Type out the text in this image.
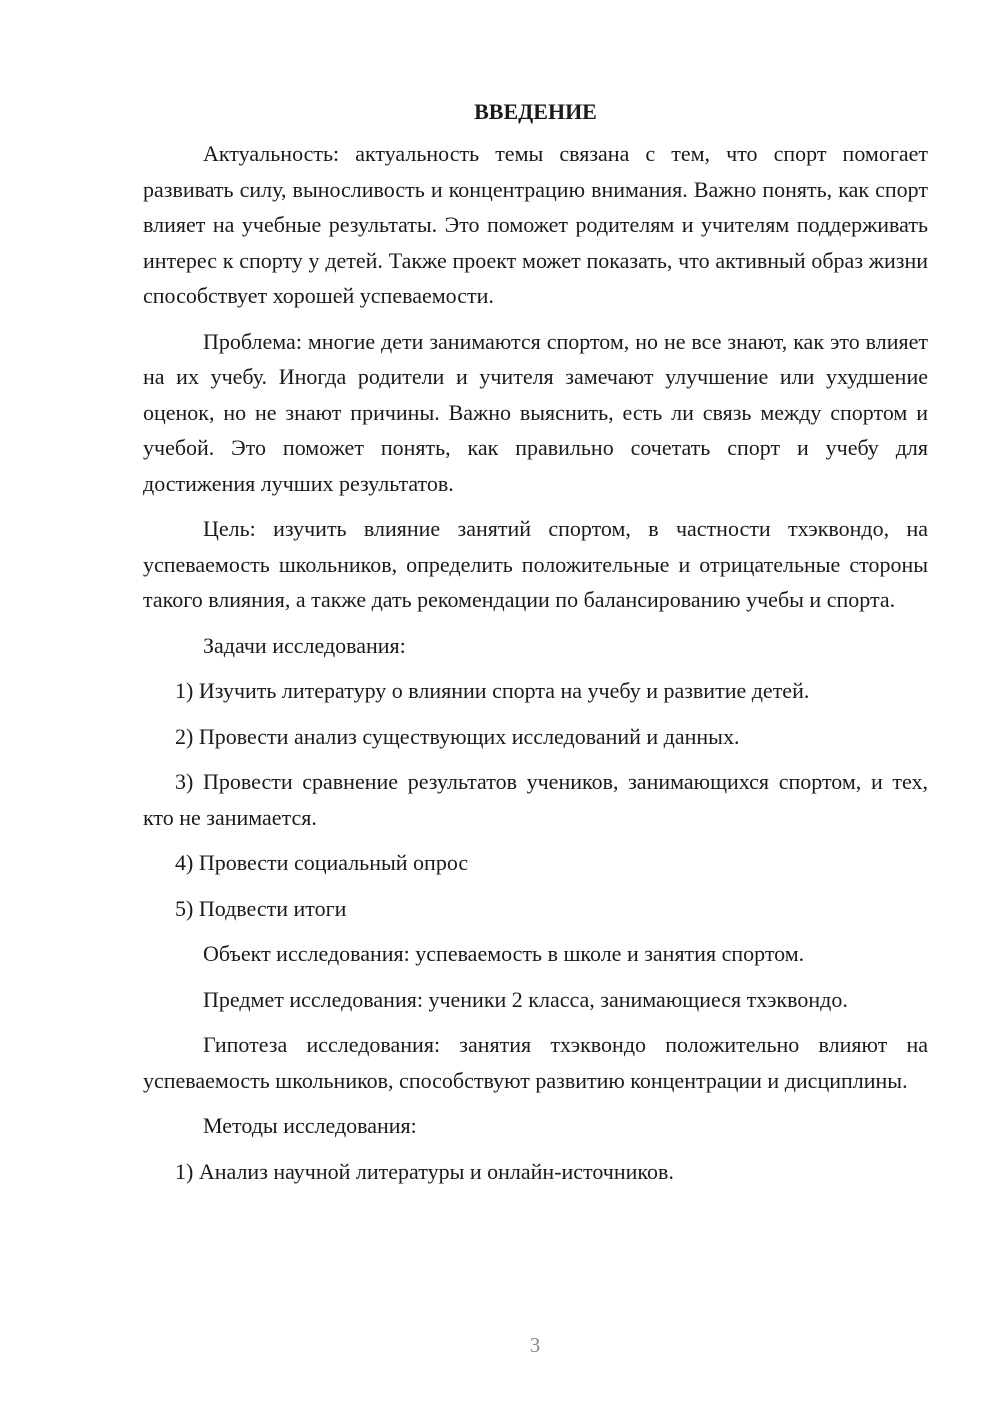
ВВЕДЕНИЕ

Актуальность: актуальность темы связана с тем, что спорт помогает развивать силу, выносливость и концентрацию внимания. Важно понять, как спорт влияет на учебные результаты. Это поможет родителям и учителям поддерживать интерес к спорту у детей. Также проект может показать, что активный образ жизни способствует хорошей успеваемости.

Проблема: многие дети занимаются спортом, но не все знают, как это влияет на их учебу. Иногда родители и учителя замечают улучшение или ухудшение оценок, но не знают причины. Важно выяснить, есть ли связь между спортом и учебой. Это поможет понять, как правильно сочетать спорт и учебу для достижения лучших результатов.

Цель: изучить влияние занятий спортом, в частности тхэквондо, на успеваемость школьников, определить положительные и отрицательные стороны такого влияния, а также дать рекомендации по балансированию учебы и спорта.

Задачи исследования:

1) Изучить литературу о влиянии спорта на учебу и развитие детей.

2) Провести анализ существующих исследований и данных.

3) Провести сравнение результатов учеников, занимающихся спортом, и тех, кто не занимается.

4) Провести социальный опрос

5) Подвести итоги

Объект исследования: успеваемость в школе и занятия спортом.

Предмет исследования: ученики 2 класса, занимающиеся тхэквондо.

Гипотеза исследования: занятия тхэквондо положительно влияют на успеваемость школьников, способствуют развитию концентрации и дисциплины.

Методы исследования:

1) Анализ научной литературы и онлайн-источников.

3
